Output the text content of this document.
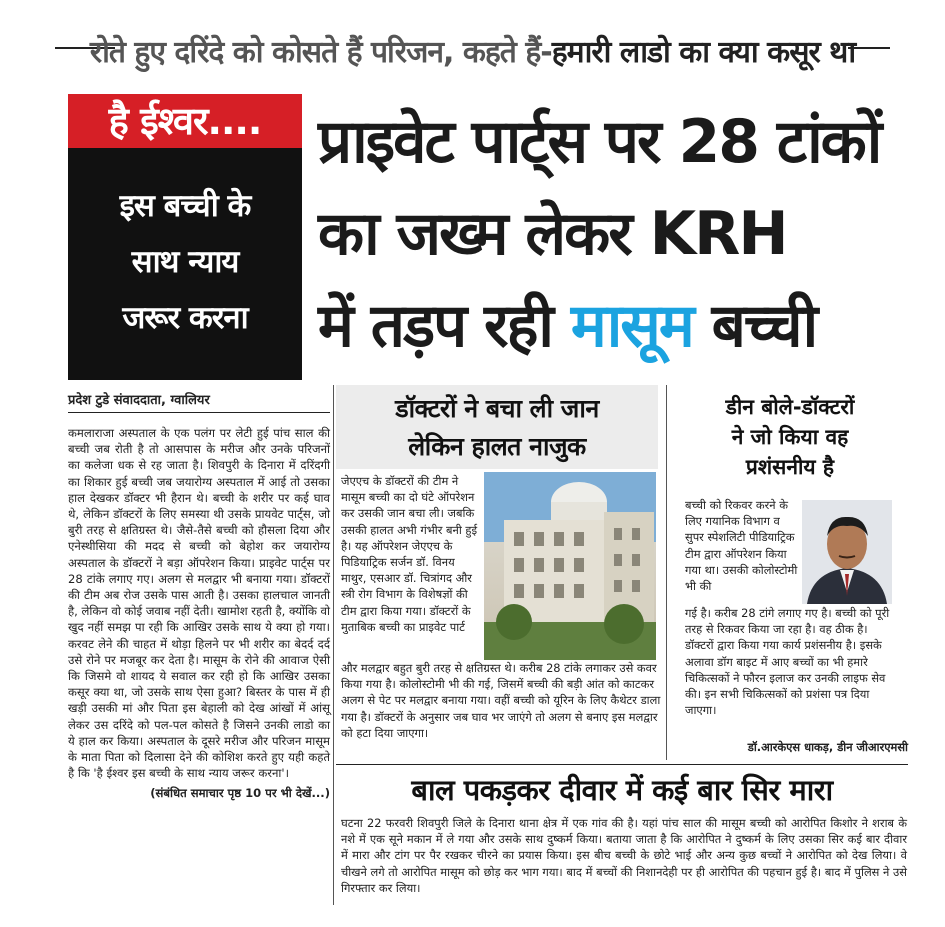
रोते हुए दरिंदे को कोसते हैं परिजन, कहते हैं-हमारी लाडो का क्या कसूर था
है ईश्वर....
इस बच्ची के
साथ न्याय
जरूर करना
प्राइवेट पार्ट्स पर 28 टांकों
का जख्म लेकर KRH
में तड़प रही मासूम बच्ची
प्रदेश टुडे संवाददाता, ग्वालियर
कमलाराजा अस्पताल के एक पलंग पर लेटी हुई पांच साल की बच्ची जब रोती है तो आसपास के मरीज और उनके परिजनों का कलेजा धक से रह जाता है। शिवपुरी के दिनारा में दरिंदगी का शिकार हुई बच्ची जब जयारोग्य अस्पताल में आई तो उसका हाल देखकर डॉक्टर भी हैरान थे। बच्ची के शरीर पर कई घाव थे, लेकिन डॉक्टरों के लिए समस्या थी उसके प्रायवेट पार्ट्स, जो बुरी तरह से क्षतिग्रस्त थे। जैसे-तैसे बच्ची को हौसला दिया और एनेस्थीसिया की मदद से बच्ची को बेहोश कर जयारोग्य अस्पताल के डॉक्टरों ने बड़ा ऑपरेशन किया। प्राइवेट पार्ट्स पर 28 टांके लगाए गए। अलग से मलद्वार भी बनाया गया। डॉक्टरों की टीम अब रोज उसके पास आती है। उसका हालचाल जानती है, लेकिन वो कोई जवाब नहीं देती। खामोश रहती है, क्योंकि वो खुद नहीं समझ पा रही कि आखिर उसके साथ ये क्या हो गया। करवट लेने की चाहत में थोड़ा हिलने पर भी शरीर का बेदर्द दर्द उसे रोने पर मजबूर कर देता है। मासूम के रोने की आवाज ऐसी कि जिसमे वो शायद ये सवाल कर रही हो कि आखिर उसका कसूर क्या था, जो उसके साथ ऐसा हुआ? बिस्तर के पास में ही खड़ी उसकी मां और पिता इस बेहाली को देख आंखों में आंसू लेकर उस दरिंदे को पल-पल कोसते है जिसने उनकी लाडो का ये हाल कर किया। अस्पताल के दूसरे मरीज और परिजन मासूम के माता पिता को दिलासा देने की कोशिश करते हुए यही कहते है कि 'है ईश्वर इस बच्ची के साथ न्याय जरूर करना'।
(संबंधित समाचार पृष्ठ 10 पर भी देखें...)
डॉक्टरों ने बचा ली जान
लेकिन हालत नाजुक
जेएएच के डॉक्टरों की टीम ने मासूम बच्ची का दो घंटे ऑपरेशन कर उसकी जान बचा ली। जबकि उसकी हालत अभी गंभीर बनी हुई है। यह ऑपरेशन जेएएच के पिडियाट्रिक सर्जन डॉ. विनय माथुर, एसआर डॉ. चित्रांगद और स्त्री रोग विभाग के विशेषज्ञों की टीम द्वारा किया गया। डॉक्टरों के मुताबिक बच्ची का प्राइवेट पार्ट
और मलद्वार बहुत बुरी तरह से क्षतिग्रस्त थे। करीब 28 टांके लगाकर उसे कवर किया गया है। कोलोस्टोमी भी की गई, जिसमें बच्ची की बड़ी आंत को काटकर अलग से पेट पर मलद्वार बनाया गया। वहीं बच्ची को यूरिन के लिए कैथेटर डाला गया है। डॉक्टरों के अनुसार जब घाव भर जाएंगे तो अलग से बनाए इस मलद्वार को हटा दिया जाएगा।
डीन बोले-डॉक्टरों
ने जो किया वह
प्रशंसनीय है
बच्ची को रिकवर करने के लिए गयानिक विभाग व सुपर स्पेशलिटी पीडियाट्रिक टीम द्वारा ऑपरेशन किया गया था। उसकी कोलोस्टोमी भी की
गई है। करीब 28 टांगे लगाए गए है। बच्ची को पूरी तरह से रिकवर किया जा रहा है। वह ठीक है। डॉक्टरों द्वारा किया गया कार्य प्रशंसनीय है। इसके अलावा डॉग बाइट में आए बच्चों का भी हमारे चिकित्सकों ने फौरन इलाज कर उनकी लाइफ सेव की। इन सभी चिकित्सकों को प्रशंसा पत्र दिया जाएगा।
डॉ.आरकेएस धाकड़, डीन जीआरएमसी
बाल पकड़कर दीवार में कई बार सिर मारा
घटना 22 फरवरी शिवपुरी जिले के दिनारा थाना क्षेत्र में एक गांव की है। यहां पांच साल की मासूम बच्ची को आरोपित किशोर ने शराब के नशे में एक सूने मकान में ले गया और उसके साथ दुष्कर्म किया। बताया जाता है कि आरोपित ने दुष्कर्म के लिए उसका सिर कई बार दीवार में मारा और टांग पर पैर रखकर चीरने का प्रयास किया। इस बीच बच्ची के छोटे भाई और अन्य कुछ बच्चों ने आरोपित को देख लिया। वे चीखने लगे तो आरोपित मासूम को छोड़ कर भाग गया। बाद में बच्चों की निशानदेही पर ही आरोपित की पहचान हुई है। बाद में पुलिस ने उसे गिरफ्तार कर लिया।
